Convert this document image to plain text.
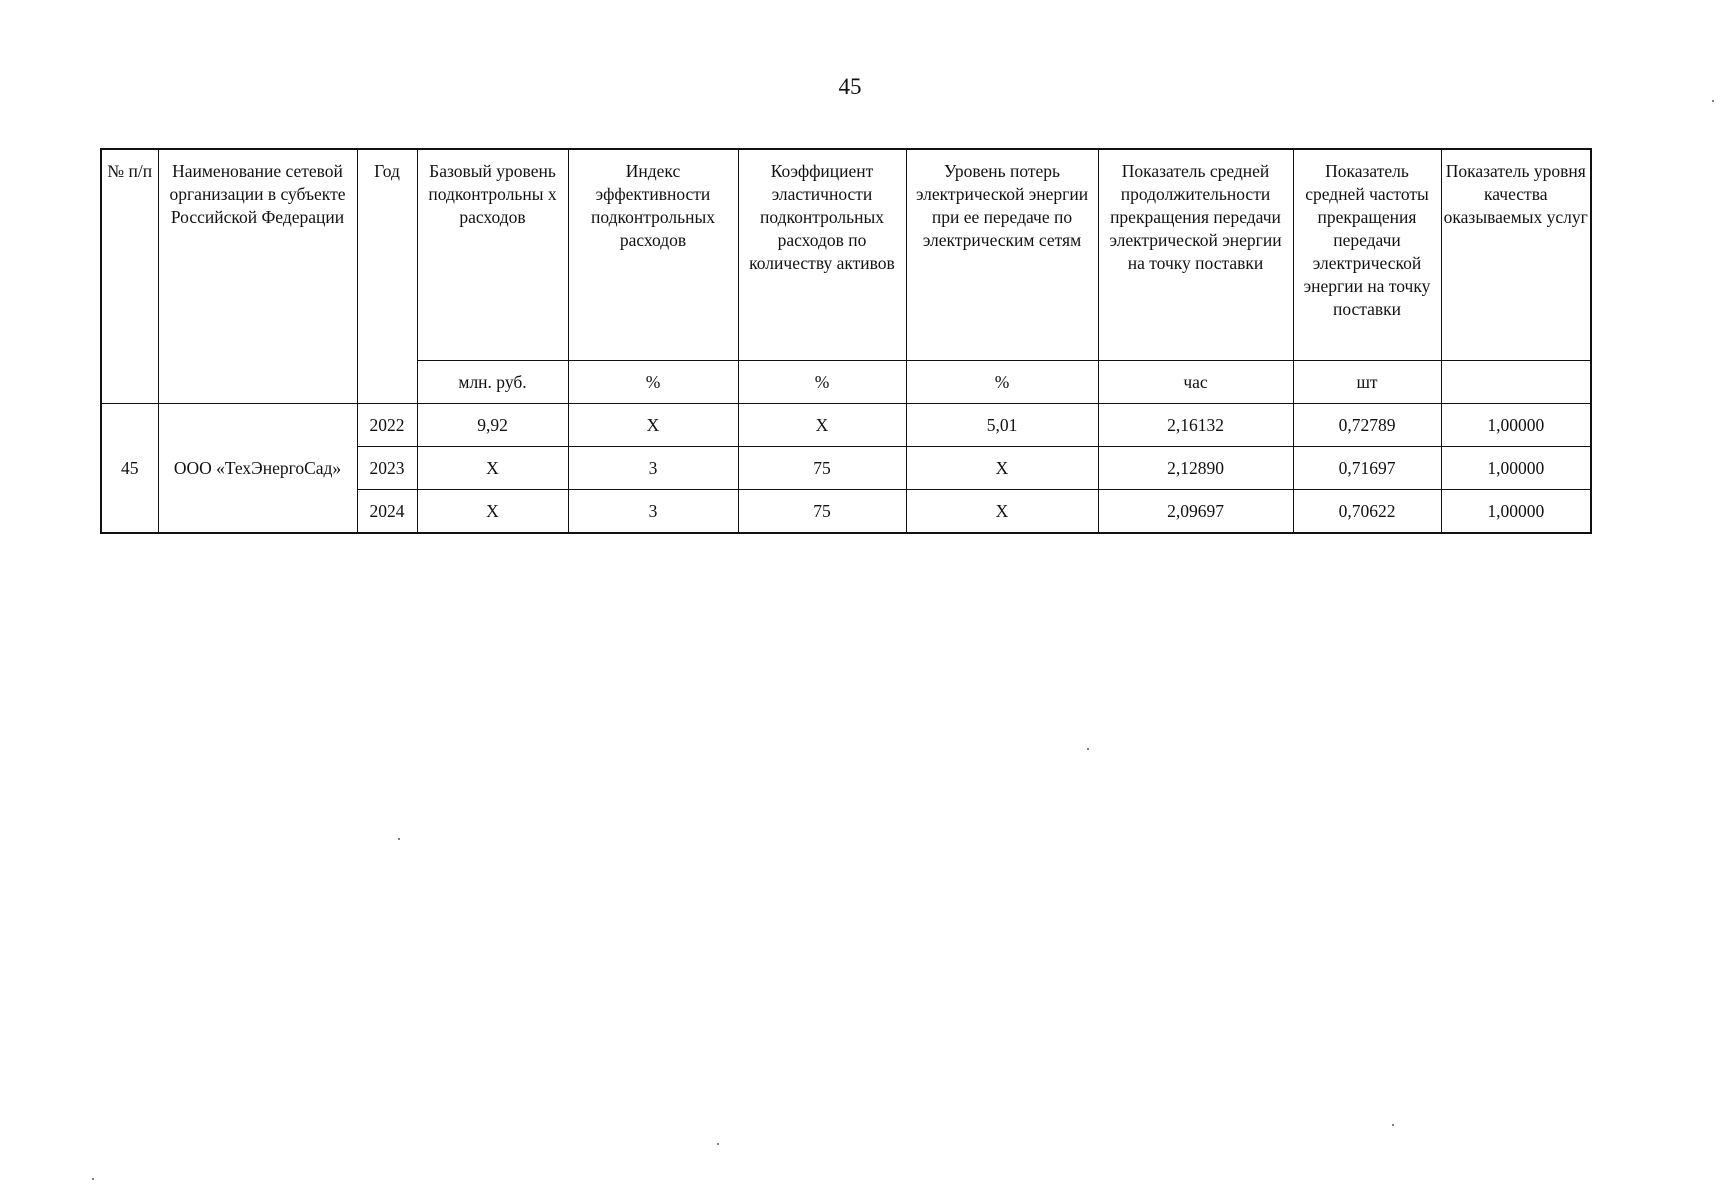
45
№ п/п	Наименование сетевой организации в субъекте Российской Федерации	Год	Базовый уровень подконтрольны х расходов	Индекс эффективности подконтрольных расходов	Коэффициент эластичности подконтрольных расходов по количеству активов	Уровень потерь электрической энергии при ее передаче по электрическим сетям	Показатель средней продолжительности прекращения передачи электрической энергии на точку поставки	Показатель средней частоты прекращения передачи электрической энергии на точку поставки	Показатель уровня качества оказываемых услуг
			млн. руб.	%	%	%	час	шт	
45	ООО «ТехЭнергоСад»	2022	9,92	X	X	5,01	2,16132	0,72789	1,00000
		2023	X	3	75	X	2,12890	0,71697	1,00000
		2024	X	3	75	X	2,09697	0,70622	1,00000
